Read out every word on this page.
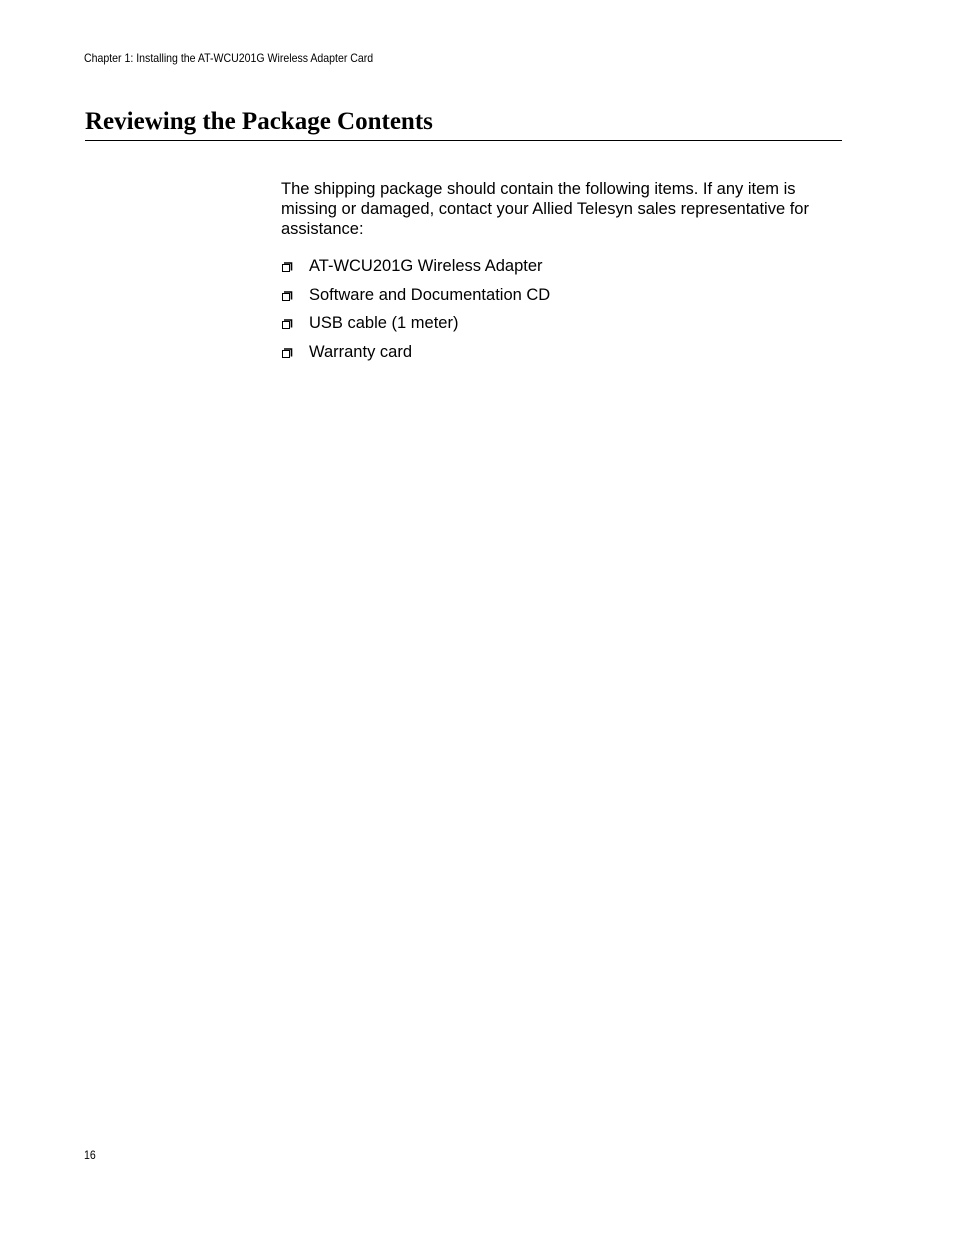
Chapter 1: Installing the AT-WCU201G Wireless Adapter Card
Reviewing the Package Contents

The shipping package should contain the following items. If any item is missing or damaged, contact your Allied Telesyn sales representative for assistance:

AT-WCU201G Wireless Adapter
Software and Documentation CD
USB cable (1 meter)
Warranty card
16
